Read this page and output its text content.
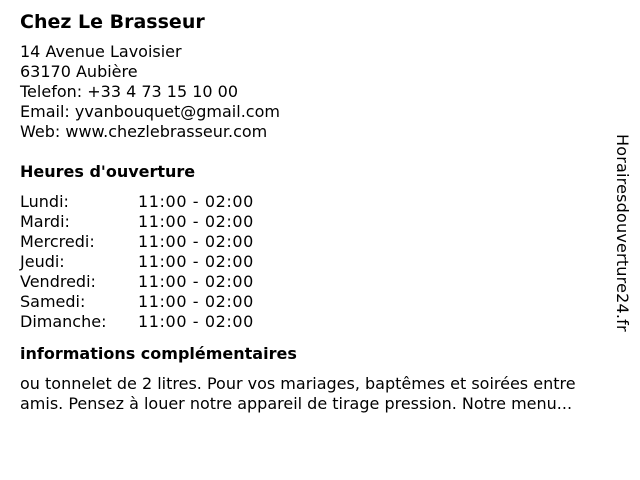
Chez Le Brasseur
14 Avenue Lavoisier
63170 Aubière
Telefon: +33 4 73 15 10 00
Email: yvanbouquet@gmail.com
Web: www.chezlebrasseur.com
Heures d'ouverture
Lundi:	11:00 - 02:00
Mardi:	11:00 - 02:00
Mercredi:	11:00 - 02:00
Jeudi:	11:00 - 02:00
Vendredi:	11:00 - 02:00
Samedi:	11:00 - 02:00
Dimanche:	11:00 - 02:00
informations complémentaires
ou tonnelet de 2 litres. Pour vos mariages, baptêmes et soirées entre
amis. Pensez à louer notre appareil de tirage pression. Notre menu...
Horairesdouverture24.fr
